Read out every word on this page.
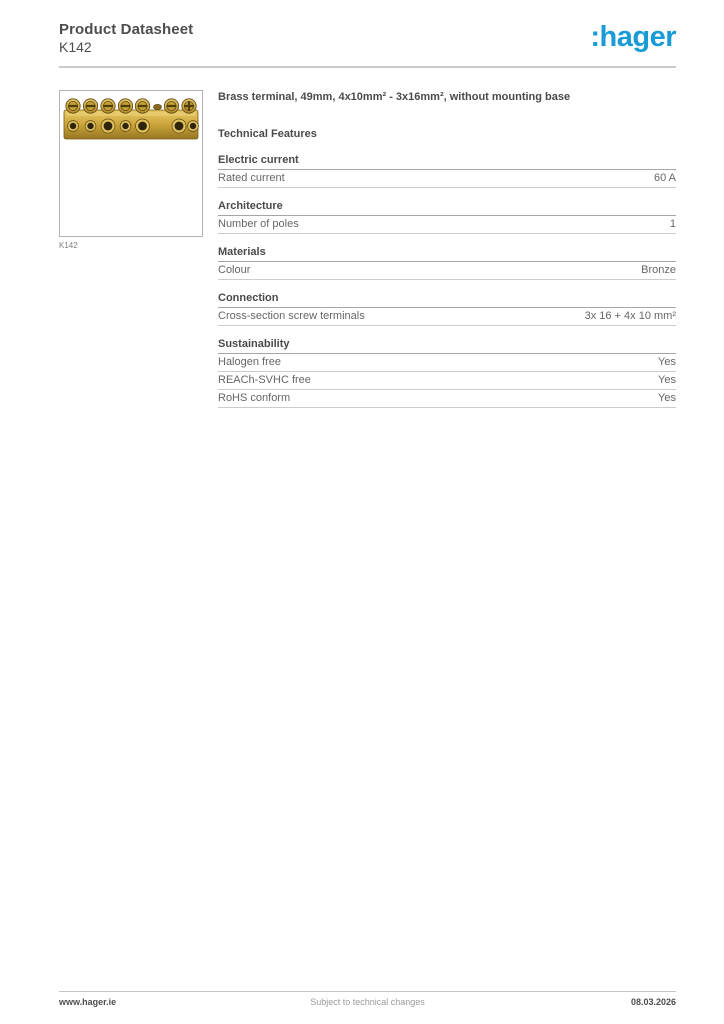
Product Datasheet
K142	:hager
K142
Brass terminal, 49mm, 4x10mm² - 3x16mm², without mounting base
Technical Features
Electric current
Rated current	60 A
Architecture
Number of poles	1
Materials
Colour	Bronze
Connection
Cross-section screw terminals	3x 16 + 4x 10 mm²
Sustainability
Halogen free	Yes
REACh-SVHC free	Yes
RoHS conform	Yes
www.hager.ie	Subject to technical changes	08.03.2026
